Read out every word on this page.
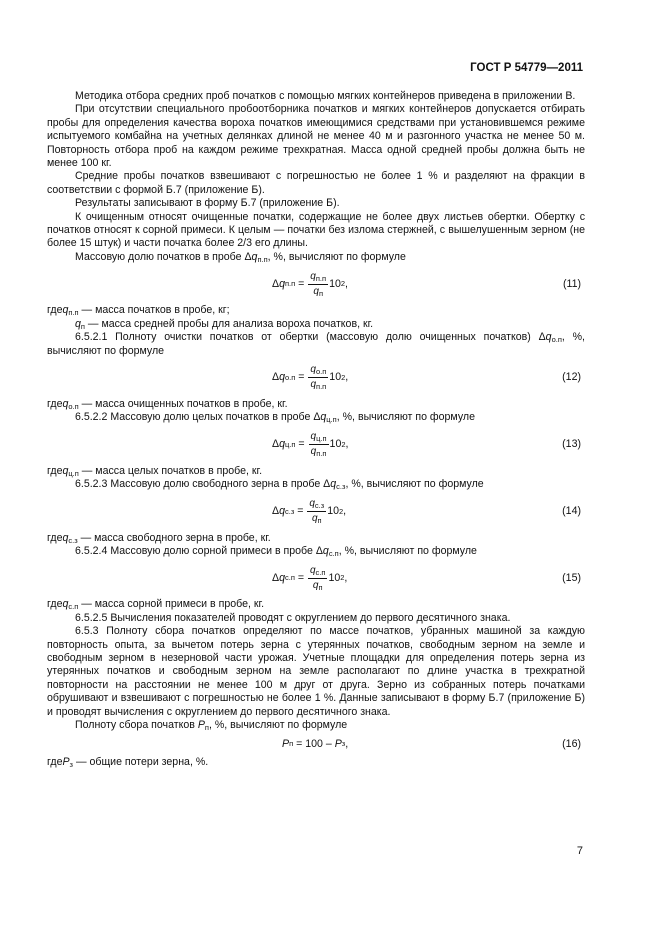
ГОСТ Р 54779—2011

Методика отбора средних проб початков с помощью мягких контейнеров приведена в приложении В.

При отсутствии специального пробоотборника початков и мягких контейнеров допускается отбирать пробы для определения качества вороха початков имеющимися средствами при установившемся режиме испытуемого комбайна на учетных делянках длиной не менее 40 м и разгонного участка не менее 50 м. Повторность отбора проб на каждом режиме трехкратная. Масса одной средней пробы должна быть не менее 100 кг.

Средние пробы початков взвешивают с погрешностью не более 1 % и разделяют на фракции в соответствии с формой Б.7 (приложение Б).

Результаты записывают в форму Б.7 (приложение Б).

К очищенным относят очищенные початки, содержащие не более двух листьев обертки. Обертку с початков относят к сорной примеси. К целым — початки без излома стержней, с вышелушенным зерном (не более 15 штук) и части початка более 2/3 его длины.

Массовую долю початков в пробе $\Delta q_{п.п}$, %, вычисляют по формуле

Δ q п.п
=
$\frac{q_{п.п}}{q_п} 10$ 2 ,	(11)
где $q_{п.п}$ — масса початков в пробе, кг;
$q_п$ — масса средней пробы для анализа вороха початков, кг.

6.5.2.1 Полноту очистки початков от обертки (массовую долю очищенных початков) $\Delta q_{о.п}$, %, вычисляют по формуле

Δ q о.п
=
$\frac{q_{о.п}}{q_{п.п}} 10$ 2 ,	(12)
где $q_{о.п}$ — масса очищенных початков в пробе, кг.

6.5.2.2 Массовую долю целых початков в пробе $\Delta q_{ц.п}$, %, вычисляют по формуле

Δ q ц.п
=
$\frac{q_{ц.п}}{q_{п.п}} 10$ 2 ,	(13)
где $q_{ц.п}$ — масса целых початков в пробе, кг.

6.5.2.3 Массовую долю свободного зерна в пробе $\Delta q_{с.з}$, %, вычисляют по формуле

Δ q с.з
=
$\frac{q_{с.з}}{q_п} 10$ 2 ,	(14)
где $q_{с.з}$ — масса свободного зерна в пробе, кг.

6.5.2.4 Массовую долю сорной примеси в пробе $\Delta q_{с.п}$, %, вычисляют по формуле

Δ q с.п
=
$\frac{q_{с.п}}{q_п} 10$ 2 ,	(15)
где $q_{с.п}$ — масса сорной примеси в пробе, кг.

6.5.2.5 Вычисления показателей проводят с округлением до первого десятичного знака.

6.5.3 Полноту сбора початков определяют по массе початков, убранных машиной за каждую повторность опыта, за вычетом потерь зерна с утерянных початков, свободным зерном на земле и свободным зерном в незерновой части урожая. Учетные площадки для определения потерь зерна из утерянных початков и свободным зерном на земле располагают по длине участка в трехкратной повторности на расстоянии не менее 100 м друг от друга. Зерно из собранных потерь початками обрушивают и взвешивают с погрешностью не более 1 %. Данные записывают в форму Б.7 (приложение Б) и проводят вычисления с округлением до первого десятичного знака.

Полноту сбора початков $P_п$, %, вычисляют по формуле

P п
=
100 –
P з ,	(16)
где $P_з$ — общие потери зерна, %.
7
